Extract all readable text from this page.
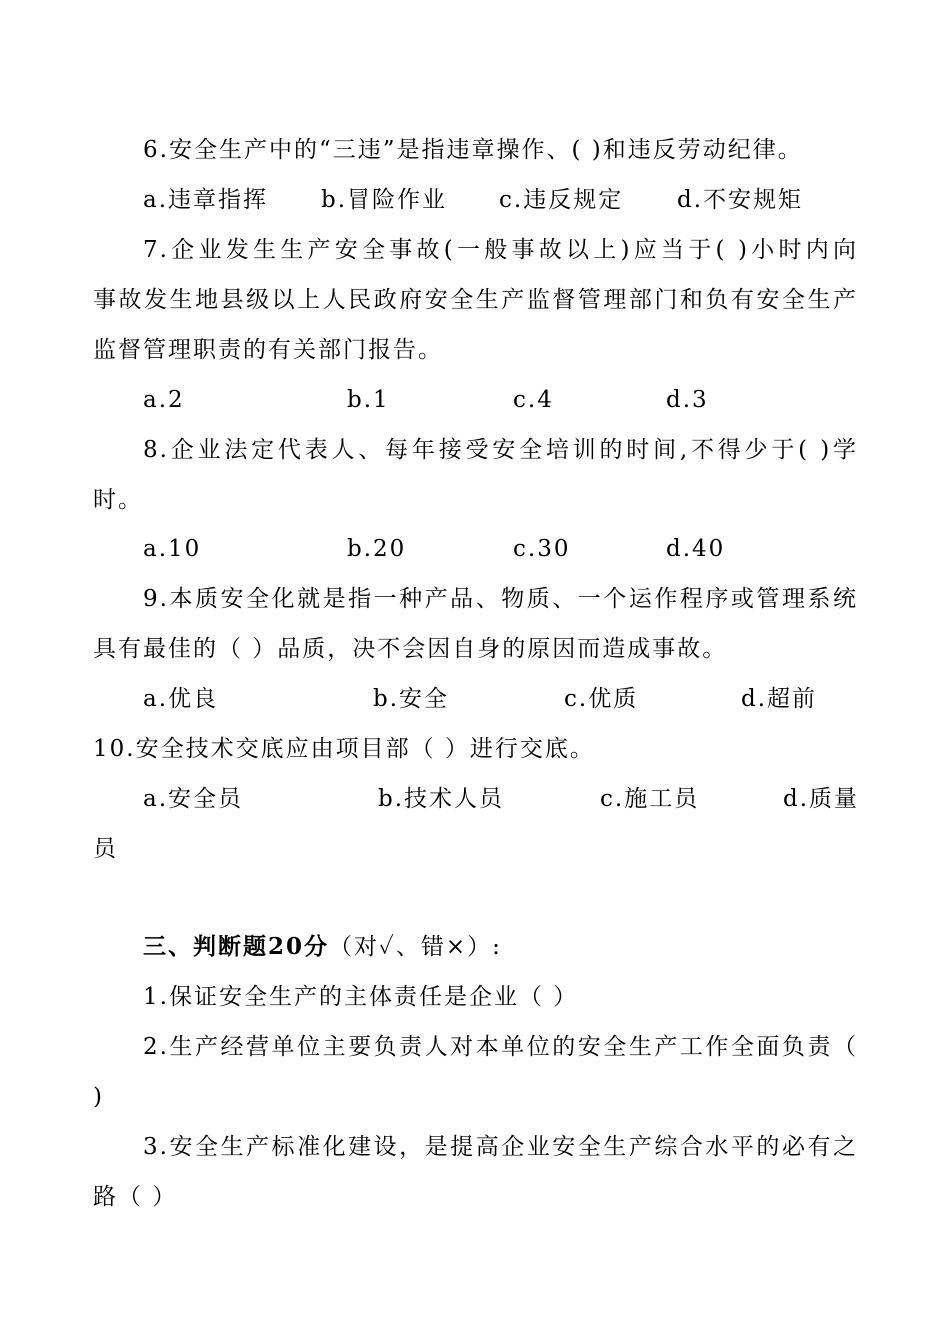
6.安全生产中的“三违”是指违章操作、( )和违反劳动纪律。
a.违章指挥 b.冒险作业 c.违反规定 d.不安规矩
7.企业发生生产安全事故(一般事故以上)应当于( )小时内向
事故发生地县级以上人民政府安全生产监督管理部门和负有安全生产
监督管理职责的有关部门报告。
a.2	b.1	c.4	d.3
8.企业法定代表人、每年接受安全培训的时间,不得少于( )学
时。
a.10	b.20	c.30	d.40
9.本质安全化就是指一种产品、物质、一个运作程序或管理系统
具有最佳的（ ）品质，决不会因自身的原因而造成事故。
a.优良	b.安全	c.优质	d.超前
10.安全技术交底应由项目部（ ）进行交底。
a.安全员	b.技术人员	c.施工员	d.质量
员
三、判断题20分（对✓、错×）:
1.保证安全生产的主体责任是企业（ ）
2.生产经营单位主要负责人对本单位的安全生产工作全面负责（
)
3.安全生产标准化建设，是提高企业安全生产综合水平的必有之
路（ ）
